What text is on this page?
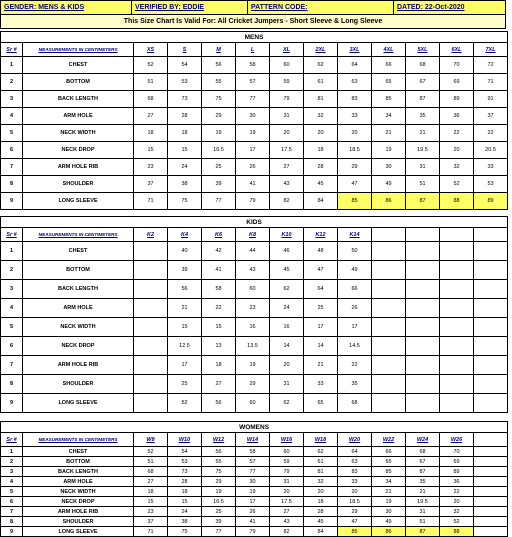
GENDER: MENS & KIDS	VERIFIED BY: EDDIE	PATTERN CODE:	DATED: 22-Oct-2020
This Size Chart Is Valid For: All Cricket Jumpers - Short Sleeve & Long Sleeve
MENS												
Sr #	MEASUREMENTS IN CENTIMETERS	XS	S	M	L	XL	2XL	3XL	4XL	5XL	6XL	7XL
1	CHEST	52	54	56	58	60	62	64	66	68	70	72
2	BOTTOM	51	53	55	57	59	61	63	65	67	69	71
3	BACK LENGTH	68	73	75	77	79	81	83	85	87	89	91
4	ARM HOLE	27	28	29	30	31	32	33	34	35	36	37
5	NECK WIDTH	18	18	19	19	20	20	20	21	21	22	22
6	NECK DROP	15	15	16.5	17	17.5	18	18.5	19	19.5	20	20.5
7	ARM HOLE RIB	23	24	25	26	27	28	29	30	31	32	33
8	SHOULDER	37	38	39	41	43	45	47	49	51	52	53
9	LONG SLEEVE	71	75	77	79	82	84	85	86	87	88	89
KIDS												
Sr #	MEASUREMENTS IN CENTIMETERS	K2	K4	K6	K8	K10	K12	K14				
1	CHEST		40	42	44	46	48	50				
2	BOTTOM		39	41	43	45	47	49				
3	BACK LENGTH		56	58	60	62	64	66				
4	ARM HOLE		21	22	23	24	25	26				
5	NECK WIDTH		15	15	16	16	17	17				
6	NECK DROP		12.5	13	13.5	14	14	14.5				
7	ARM HOLE RIB		17	18	19	20	21	22				
8	SHOULDER		25	27	29	31	33	35				
9	LONG SLEEVE		52	56	60	62	65	68				
WOMENS												
Sr #	MEASUREMENTS IN CENTIMETERS	W8	W10	W12	W14	W16	W18	W20	W22	W24	W26	
1	CHEST	52	54	56	58	60	62	64	66	68	70	
2	BOTTOM	51	53	55	57	59	61	63	65	67	69	
3	BACK LENGTH	68	73	75	77	79	81	83	85	87	89	
4	ARM HOLE	27	28	29	30	31	32	33	34	35	36	
5	NECK WIDTH	18	18	19	19	20	20	20	21	21	22	
6	NECK DROP	15	15	16.5	17	17.5	18	18.5	19	19.5	20	
7	ARM HOLE RIB	23	24	25	26	27	28	29	30	31	32	
8	SHOULDER	37	38	39	41	43	45	47	49	51	52	
9	LONG SLEEVE	71	75	77	79	82	84	85	86	87	88	
